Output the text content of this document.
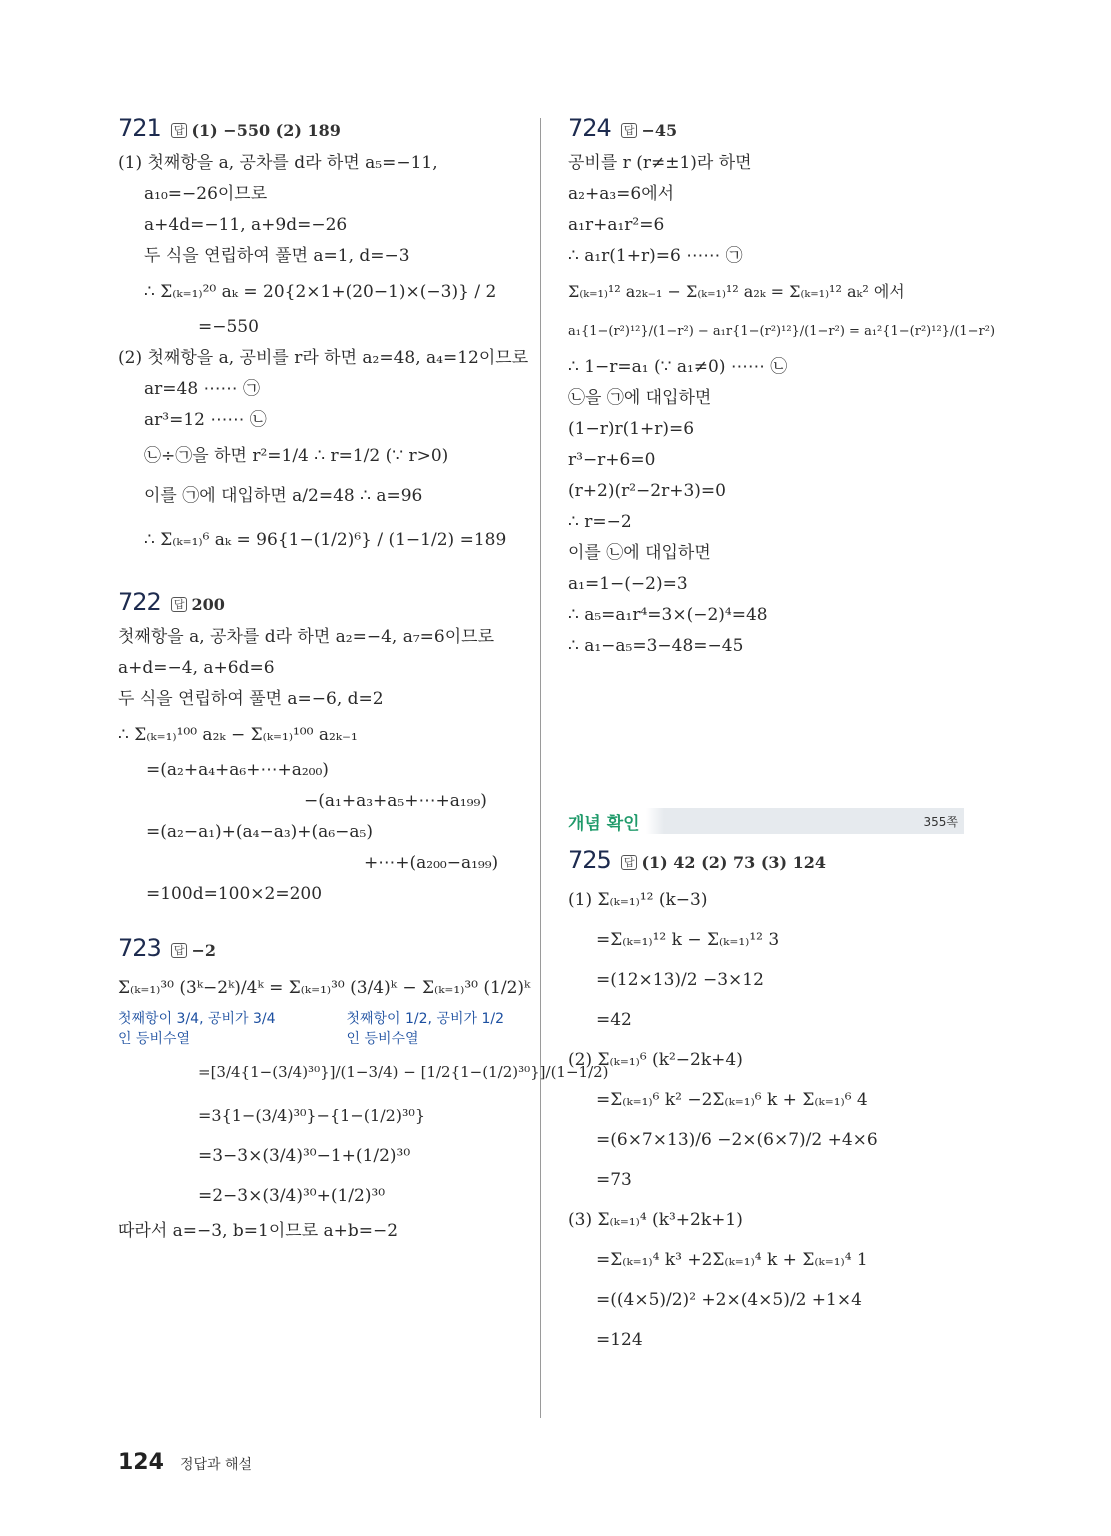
721 답 (1) −550 (2) 189
(1) 첫째항을 a, 공차를 d라 하면 a₅=−11,
a₁₀=−26이므로
a+4d=−11, a+9d=−26
두 식을 연립하여 풀면 a=1, d=−3
∴ Σ₍ₖ₌₁₎²⁰ aₖ = 20{2×1+(20−1)×(−3)} / 2
=−550
(2) 첫째항을 a, 공비를 r라 하면 a₂=48, a₄=12이므로
ar=48 ⋯⋯ ㉠
ar³=12 ⋯⋯ ㉡
㉡÷㉠을 하면 r²=1/4 ∴ r=1/2 (∵ r>0)
이를 ㉠에 대입하면 a/2=48 ∴ a=96
∴ Σ₍ₖ₌₁₎⁶ aₖ = 96{1−(1/2)⁶} / (1−1/2) =189
722 답 200
첫째항을 a, 공차를 d라 하면 a₂=−4, a₇=6이므로
a+d=−4, a+6d=6
두 식을 연립하여 풀면 a=−6, d=2
∴ Σ₍ₖ₌₁₎¹⁰⁰ a₂ₖ − Σ₍ₖ₌₁₎¹⁰⁰ a₂ₖ₋₁
=(a₂+a₄+a₆+⋯+a₂₀₀)
−(a₁+a₃+a₅+⋯+a₁₉₉)
=(a₂−a₁)+(a₄−a₃)+(a₆−a₅)
+⋯+(a₂₀₀−a₁₉₉)
=100d=100×2=200
723 답 −2
Σ₍ₖ₌₁₎³⁰ (3ᵏ−2ᵏ)/4ᵏ = Σ₍ₖ₌₁₎³⁰ (3/4)ᵏ − Σ₍ₖ₌₁₎³⁰ (1/2)ᵏ
첫째항이 3/4, 공비가 3/4
인 등비수열
첫째항이 1/2, 공비가 1/2
인 등비수열
=[3/4{1−(3/4)³⁰}]/(1−3/4) − [1/2{1−(1/2)³⁰}]/(1−1/2)
=3{1−(3/4)³⁰}−{1−(1/2)³⁰}
=3−3×(3/4)³⁰−1+(1/2)³⁰
=2−3×(3/4)³⁰+(1/2)³⁰
따라서 a=−3, b=1이므로 a+b=−2
724 답 −45
공비를 r (r≠±1)라 하면
a₂+a₃=6에서
a₁r+a₁r²=6
∴ a₁r(1+r)=6 ⋯⋯ ㉠
Σ₍ₖ₌₁₎¹² a₂ₖ₋₁ − Σ₍ₖ₌₁₎¹² a₂ₖ = Σ₍ₖ₌₁₎¹² aₖ² 에서
a₁{1−(r²)¹²}/(1−r²) − a₁r{1−(r²)¹²}/(1−r²) = a₁²{1−(r²)¹²}/(1−r²)
∴ 1−r=a₁ (∵ a₁≠0) ⋯⋯ ㉡
㉡을 ㉠에 대입하면
(1−r)r(1+r)=6
r³−r+6=0
(r+2)(r²−2r+3)=0
∴ r=−2
이를 ㉡에 대입하면
a₁=1−(−2)=3
∴ a₅=a₁r⁴=3×(−2)⁴=48
∴ a₁−a₅=3−48=−45
개념 확인	355쪽
725 답 (1) 42 (2) 73 (3) 124
(1) Σ₍ₖ₌₁₎¹² (k−3)
=Σ₍ₖ₌₁₎¹² k − Σ₍ₖ₌₁₎¹² 3
=(12×13)/2 −3×12
=42
(2) Σ₍ₖ₌₁₎⁶ (k²−2k+4)
=Σ₍ₖ₌₁₎⁶ k² −2Σ₍ₖ₌₁₎⁶ k + Σ₍ₖ₌₁₎⁶ 4
=(6×7×13)/6 −2×(6×7)/2 +4×6
=73
(3) Σ₍ₖ₌₁₎⁴ (k³+2k+1)
=Σ₍ₖ₌₁₎⁴ k³ +2Σ₍ₖ₌₁₎⁴ k + Σ₍ₖ₌₁₎⁴ 1
=((4×5)/2)² +2×(4×5)/2 +1×4
=124
124 정답과 해설
